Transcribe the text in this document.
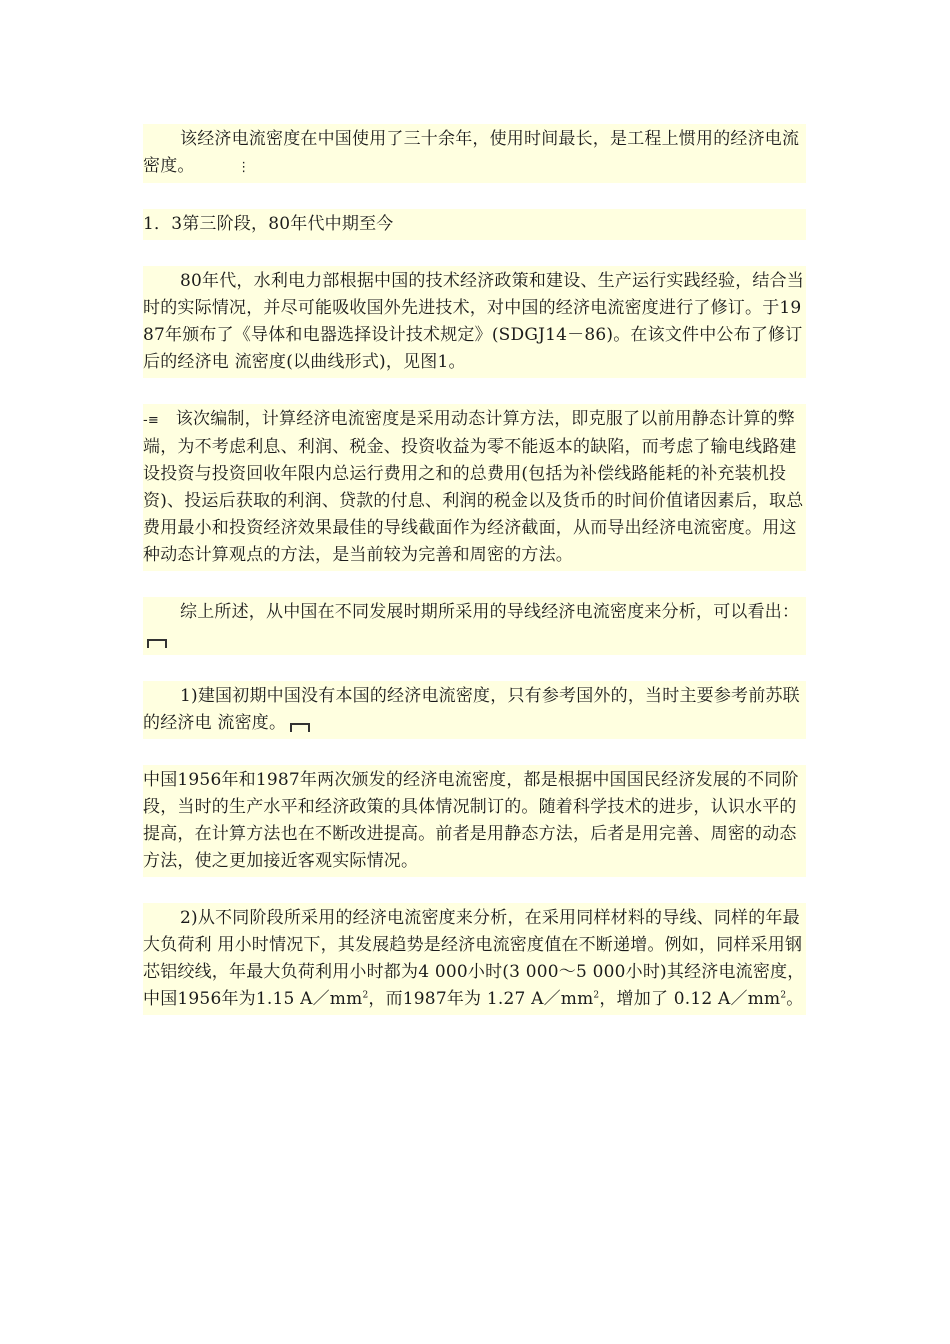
该经济电流密度在中国使用了三十余年，使用时间最长，是工程上惯用的经济电流密度。	⋮

1．3第三阶段，80年代中期至今

80年代，水利电力部根据中国的技术经济政策和建设、生产运行实践经验，结合当 时的实际情况，并尽可能吸收国外先进技术，对中国的经济电流密度进行了修订。于1987年颁布了《导体和电器选择设计技术规定》(SDGJ14－86)。在该文件中公布了修订后的经济电 流密度(以曲线形式)，见图1。

-≡ 该次编制，计算经济电流密度是采用动态计算方法，即克服了以前用静态计算的弊端，为不考虑利息、利润、税金、投资收益为零不能返本的缺陷，而考虑了输电线路建设投资与投资回收年限内总运行费用之和的总费用(包括为补偿线路能耗的补充装机投资)、投运后获取的利润、贷款的付息、利润的税金以及货币的时间价值诸因素后，取总费用最小和投资经济效果最佳的导线截面作为经济截面，从而导出经济电流密度。用这种动态计算观点的方法，是当前较为完善和周密的方法。

综上所述，从中国在不同发展时期所采用的导线经济电流密度来分析，可以看出：

1)建国初期中国没有本国的经济电流密度，只有参考国外的，当时主要参考前苏联的经济电 流密度。

中国1956年和1987年两次颁发的经济电流密度，都是根据中国国民经济发展的不同阶段，当时的生产水平和经济政策的具体情况制订的。随着科学技术的进步，认识水平的提高，在计算方法也在不断改进提高。前者是用静态方法，后者是用完善、周密的动态方法，使之更加接近客观实际情况。

2)从不同阶段所采用的经济电流密度来分析，在采用同样材料的导线、同样的年最大负荷利 用小时情况下，其发展趋势是经济电流密度值在不断递增。例如，同样采用钢芯铝绞线，年最大负荷利用小时都为4 000小时(3 000～5 000小时)其经济电流密度，中国1956年为1.15 $A/mm^2$，而1987年为 1.27 $A/mm^2$，增加了 0.12 $A/mm^2$。
